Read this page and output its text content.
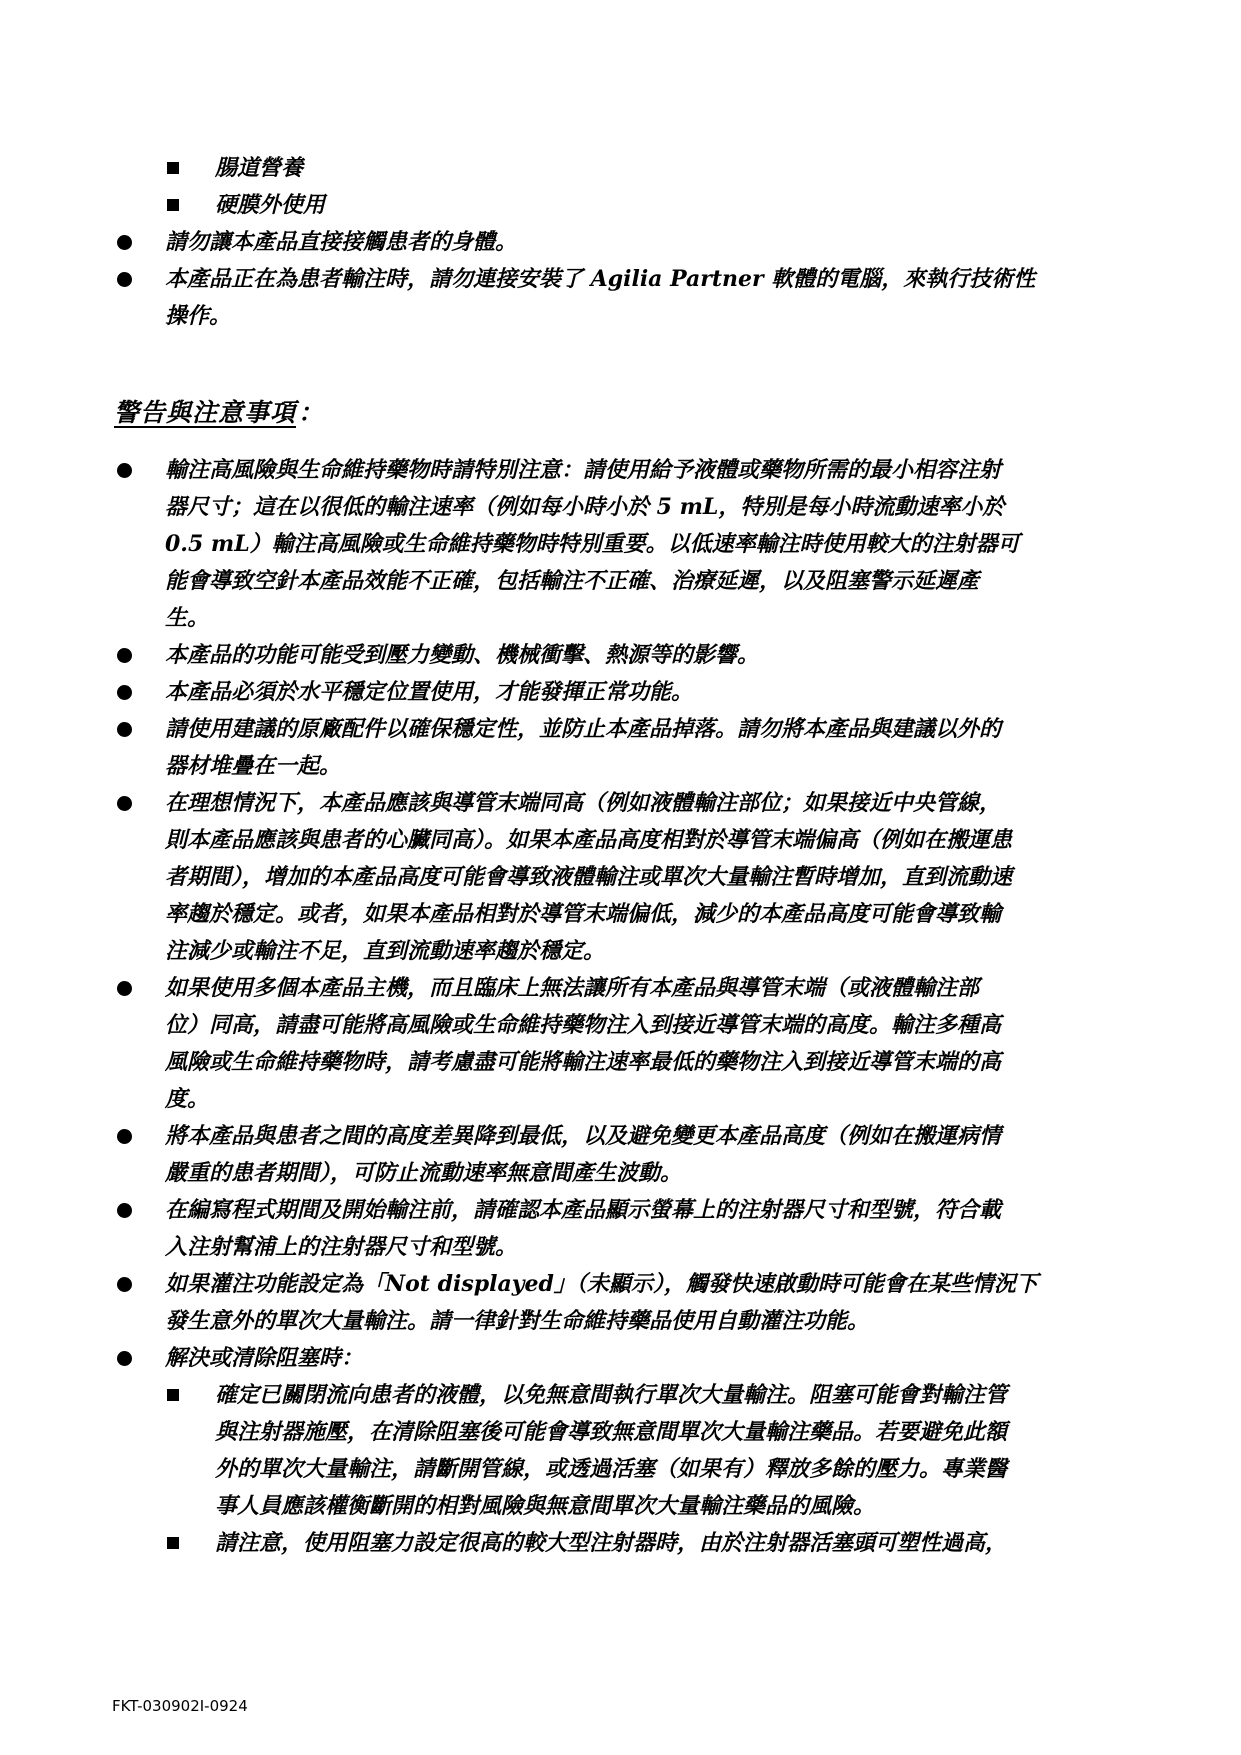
腸道營養
硬膜外使用
請勿讓本產品直接接觸患者的身體。
本產品正在為患者輸注時，請勿連接安裝了 Agilia Partner 軟體的電腦，來執行技術性
操作。
警告與注意事項：
輸注高風險與生命維持藥物時請特別注意：請使用給予液體或藥物所需的最小相容注射
器尺寸；這在以很低的輸注速率（例如每小時小於 5 mL，特別是每小時流動速率小於
0.5 mL）輸注高風險或生命維持藥物時特別重要。以低速率輸注時使用較大的注射器可
能會導致空針本產品效能不正確，包括輸注不正確、治療延遲，以及阻塞警示延遲產
生。
本產品的功能可能受到壓力變動、機械衝擊、熱源等的影響。
本產品必須於水平穩定位置使用，才能發揮正常功能。
請使用建議的原廠配件以確保穩定性，並防止本產品掉落。請勿將本產品與建議以外的
器材堆疊在一起。
在理想情況下，本產品應該與導管末端同高（例如液體輸注部位；如果接近中央管線，
則本產品應該與患者的心臟同高）。如果本產品高度相對於導管末端偏高（例如在搬運患
者期間），增加的本產品高度可能會導致液體輸注或單次大量輸注暫時增加，直到流動速
率趨於穩定。或者，如果本產品相對於導管末端偏低，減少的本產品高度可能會導致輸
注減少或輸注不足，直到流動速率趨於穩定。
如果使用多個本產品主機，而且臨床上無法讓所有本產品與導管末端（或液體輸注部
位）同高，請盡可能將高風險或生命維持藥物注入到接近導管末端的高度。輸注多種高
風險或生命維持藥物時，請考慮盡可能將輸注速率最低的藥物注入到接近導管末端的高
度。
將本產品與患者之間的高度差異降到最低，以及避免變更本產品高度（例如在搬運病情
嚴重的患者期間），可防止流動速率無意間產生波動。
在編寫程式期間及開始輸注前，請確認本產品顯示螢幕上的注射器尺寸和型號，符合載
入注射幫浦上的注射器尺寸和型號。
如果灌注功能設定為「Not displayed」（未顯示），觸發快速啟動時可能會在某些情況下
發生意外的單次大量輸注。請一律針對生命維持藥品使用自動灌注功能。
解決或清除阻塞時：
確定已關閉流向患者的液體，以免無意間執行單次大量輸注。阻塞可能會對輸注管
與注射器施壓，在清除阻塞後可能會導致無意間單次大量輸注藥品。若要避免此額
外的單次大量輸注，請斷開管線，或透過活塞（如果有）釋放多餘的壓力。專業醫
事人員應該權衡斷開的相對風險與無意間單次大量輸注藥品的風險。
請注意，使用阻塞力設定很高的較大型注射器時，由於注射器活塞頭可塑性過高，
FKT-030902I-0924
